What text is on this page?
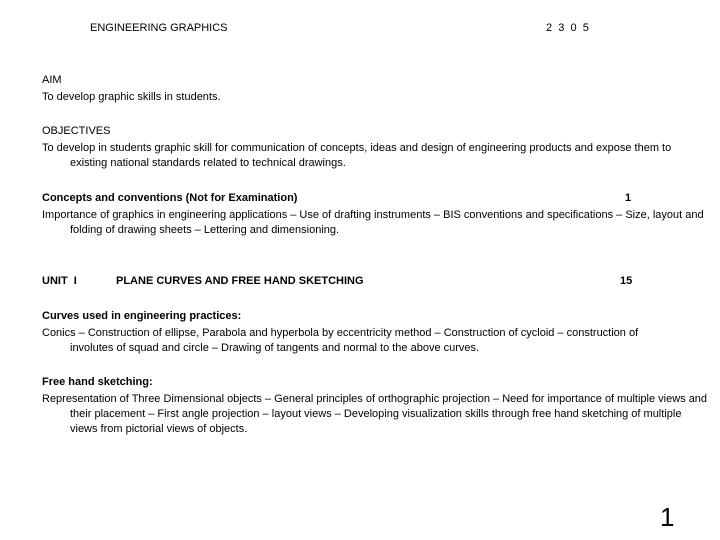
ENGINEERING GRAPHICS	2  3  0  5
AIM
To develop graphic skills in students.
OBJECTIVES
To develop in students graphic skill for communication of concepts, ideas and design of engineering products and expose them to existing national standards related to technical drawings.
Concepts and conventions (Not for Examination)	1
Importance of graphics in engineering applications – Use of drafting instruments – BIS conventions and specifications – Size, layout and folding of drawing sheets – Lettering and dimensioning.
UNIT  I	PLANE CURVES AND FREE HAND SKETCHING	15
Curves used in engineering practices:
Conics – Construction of ellipse, Parabola and hyperbola by eccentricity method – Construction of cycloid – construction of involutes of squad and circle – Drawing of tangents and normal to the above curves.
Free hand sketching:
Representation of Three Dimensional objects – General principles of orthographic projection – Need for importance of multiple views and their placement – First angle projection – layout views – Developing visualization skills through free hand sketching of multiple views from pictorial views of objects.
1
